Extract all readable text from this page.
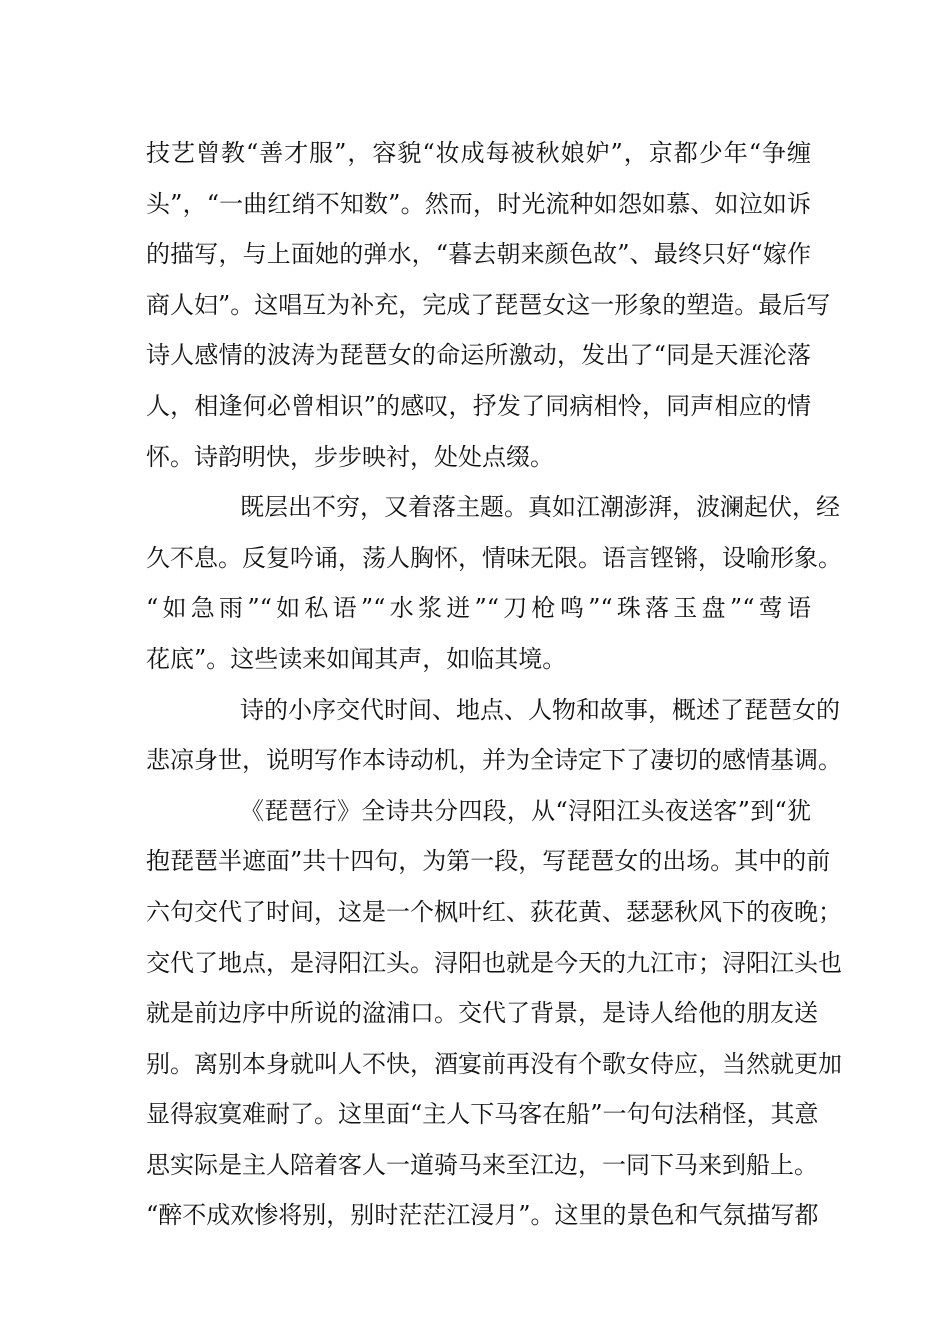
技艺曾教“善才服”，容貌“妆成每被秋娘妒”，京都少年“争缠
头”，“一曲红绡不知数”。然而，时光流种如怨如慕、如泣如诉
的描写，与上面她的弹水，“暮去朝来颜色故”、最终只好“嫁作
商人妇”。这唱互为补充，完成了琵琶女这一形象的塑造。最后写
诗人感情的波涛为琵琶女的命运所激动，发出了“同是天涯沦落
人，相逢何必曾相识”的感叹，抒发了同病相怜，同声相应的情
怀。诗韵明快，步步映衬，处处点缀。
既层出不穷，又着落主题。真如江潮澎湃，波澜起伏，经
久不息。反复吟诵，荡人胸怀，情味无限。语言铿锵，设喻形象。
“如急雨”“如私语”“水浆迸”“刀枪鸣”“珠落玉盘”“莺语
花底”。这些读来如闻其声，如临其境。
诗的小序交代时间、地点、人物和故事，概述了琵琶女的
悲凉身世，说明写作本诗动机，并为全诗定下了凄切的感情基调。
《琵琶行》全诗共分四段，从“浔阳江头夜送客”到“犹
抱琵琶半遮面”共十四句，为第一段，写琵琶女的出场。其中的前
六句交代了时间，这是一个枫叶红、荻花黄、瑟瑟秋风下的夜晚；
交代了地点，是浔阳江头。浔阳也就是今天的九江市；浔阳江头也
就是前边序中所说的湓浦口。交代了背景，是诗人给他的朋友送
别。离别本身就叫人不快，酒宴前再没有个歌女侍应，当然就更加
显得寂寞难耐了。这里面“主人下马客在船”一句句法稍怪，其意
思实际是主人陪着客人一道骑马来至江边，一同下马来到船上。
“醉不成欢惨将别，别时茫茫江浸月”。这里的景色和气氛描写都
